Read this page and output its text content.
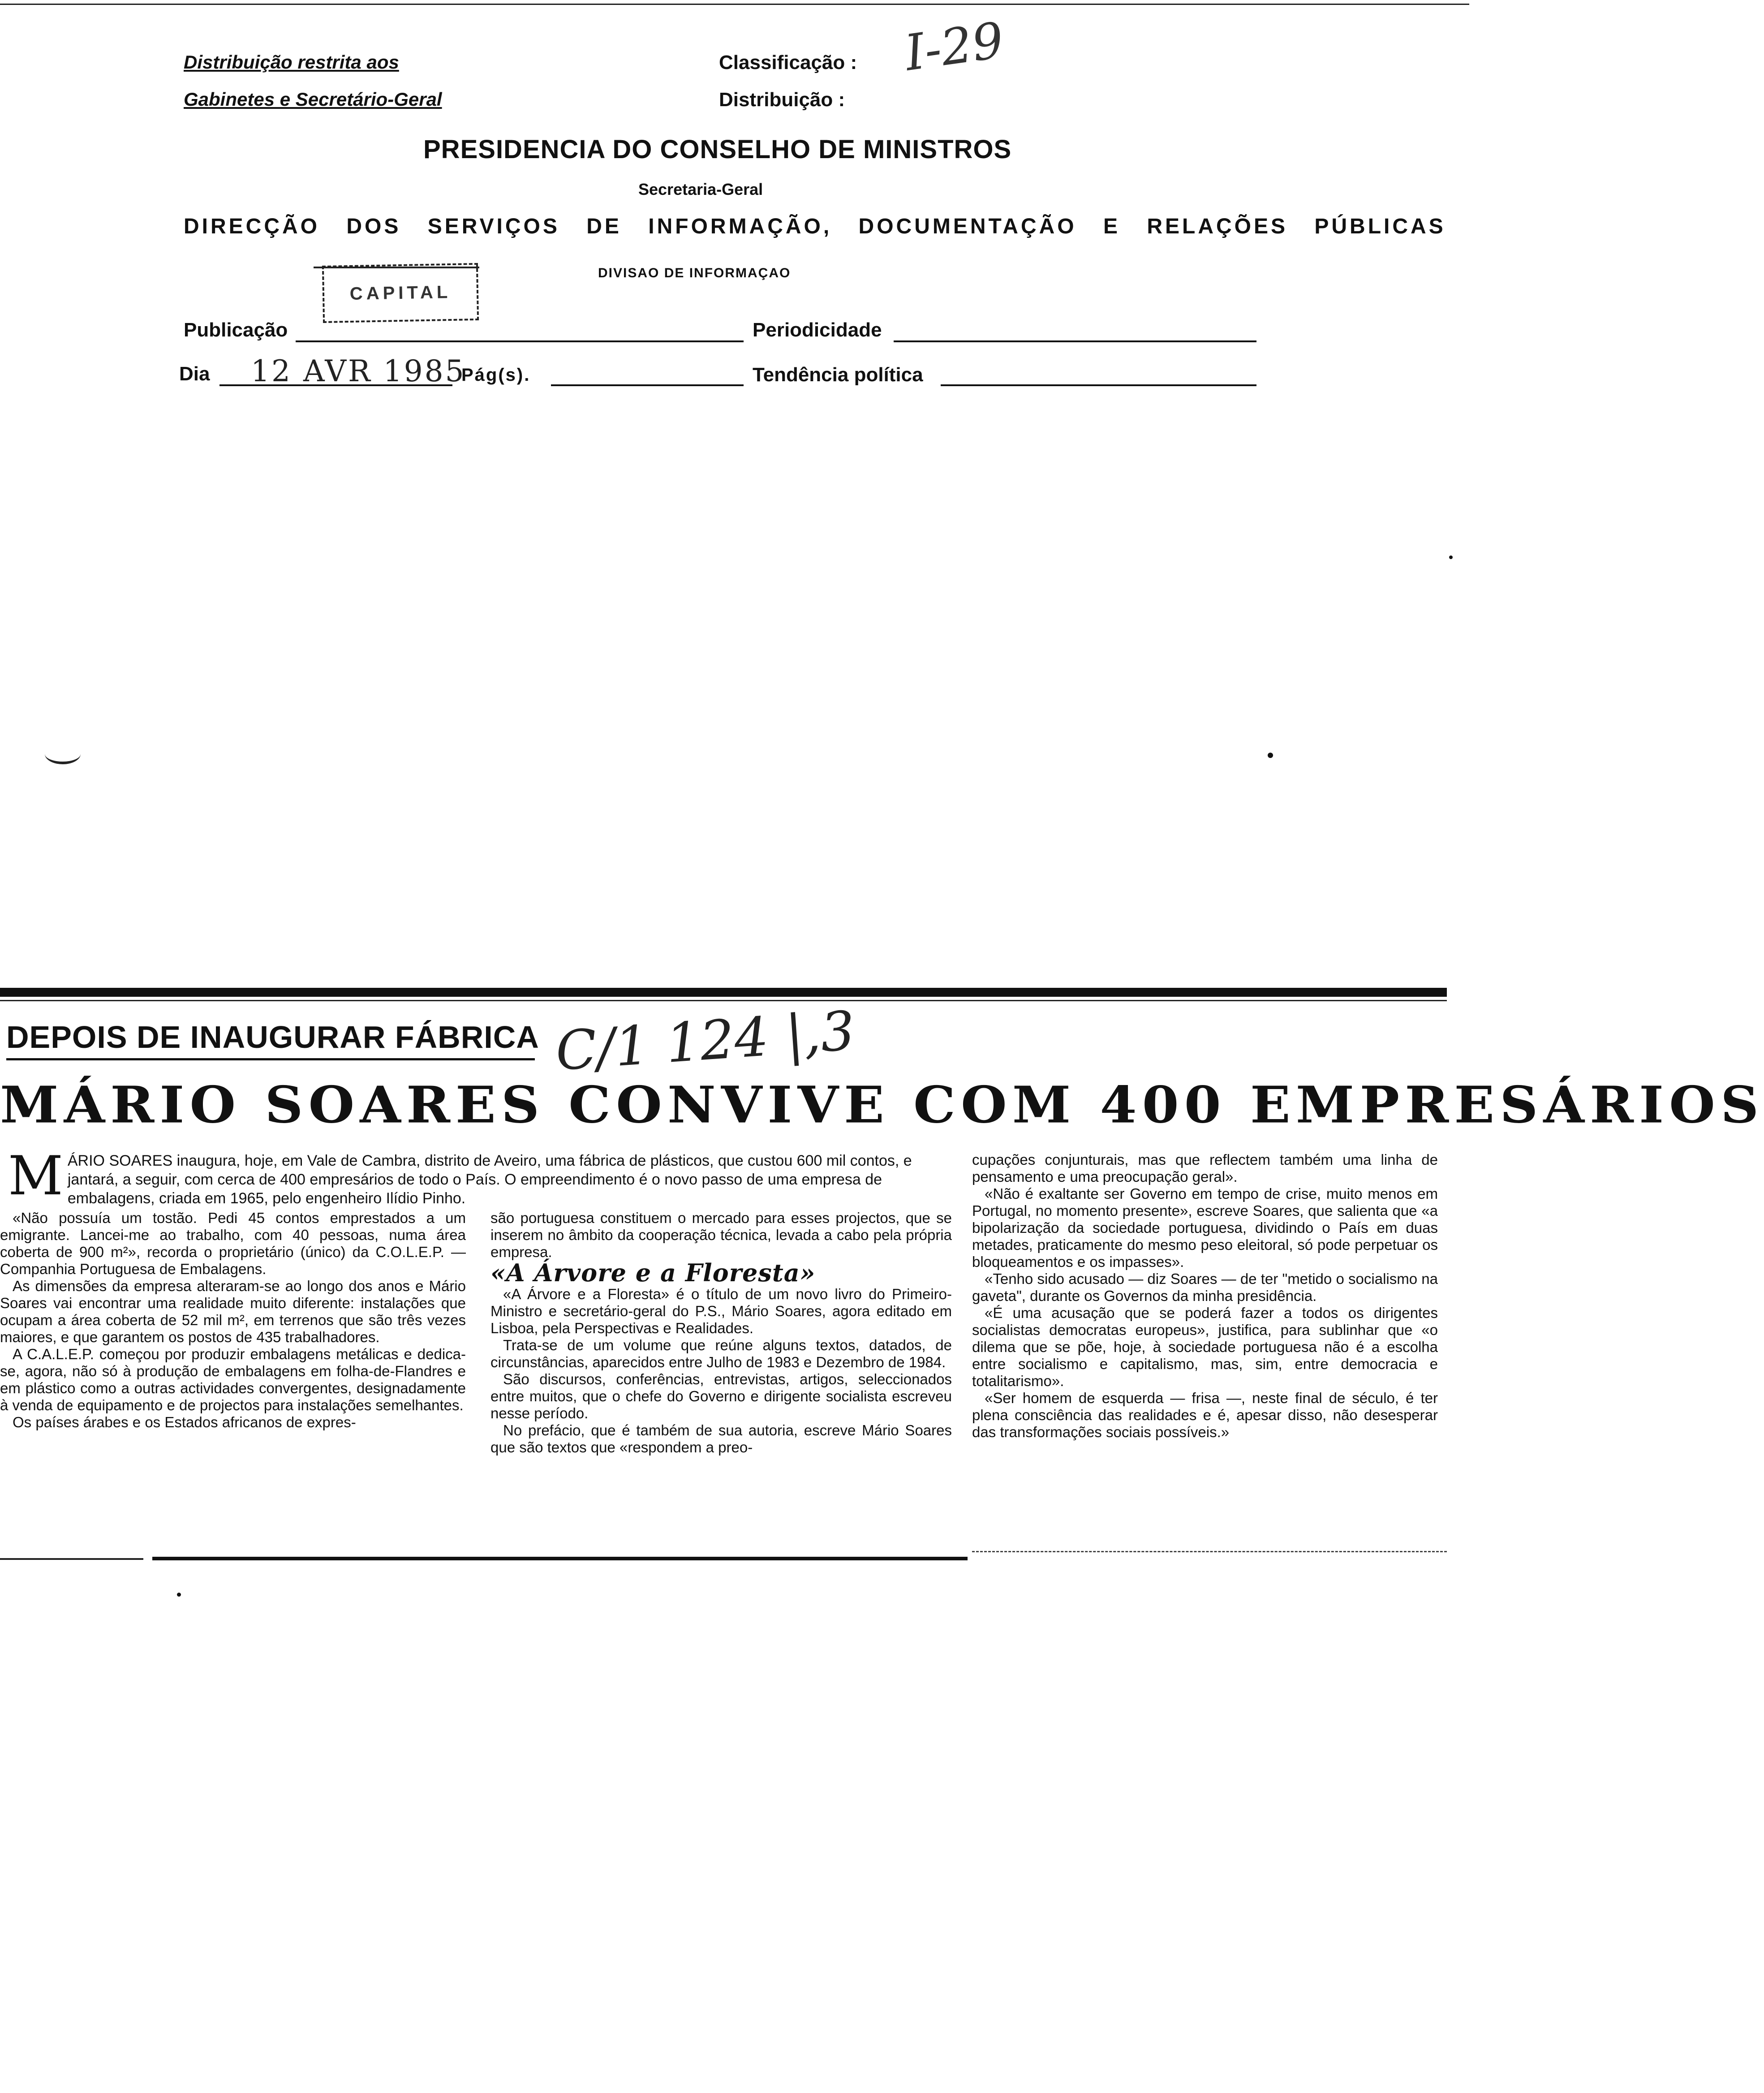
Distribuição restrita aos
Gabinetes e Secretário-Geral
Classificação :
Distribuição :
I-29
PRESIDENCIA DO CONSELHO DE MINISTROS
Secretaria-Geral
DIRECÇÃO DOS SERVIÇOS DE INFORMAÇÃO, DOCUMENTAÇÃO E RELAÇÕES PÚBLICAS
CAPITAL
DIVISAO DE INFORMAÇAO
Publicação	Periodicidade
Dia 12 AVR 1985
Pág(s).	Tendência política
DEPOIS DE INAUGURAR FÁBRICA C/1 124 |,3
MÁRIO SOARES CONVIVE COM 400 EMPRESÁRIOS
M ÁRIO SOARES inaugura, hoje, em Vale de Cambra, distrito de Aveiro, uma fábrica de plásticos, que custou 600 mil contos, e jantará, a seguir, com cerca de 400 empresários de todo o País. O empreendimento é o novo passo de uma empresa de embalagens, criada em 1965, pelo engenheiro Ilídio Pinho.

«Não possuía um tostão. Pedi 45 contos emprestados a um emigrante. Lancei-me ao trabalho, com 40 pessoas, numa área coberta de 900 m²», recorda o proprietário (único) da C.O.L.E.P. — Companhia Portuguesa de Embalagens.

As dimensões da empresa alteraram-se ao longo dos anos e Mário Soares vai encontrar uma realidade muito diferente: instalações que ocupam a área coberta de 52 mil m², em terrenos que são três vezes maiores, e que garantem os postos de 435 trabalhadores.

A C.A.L.E.P. começou por produzir embalagens metálicas e dedica-se, agora, não só à produção de embalagens em folha-de-Flandres e em plástico como a outras actividades convergentes, designadamente à venda de equipamento e de projectos para instalações semelhantes.

Os países árabes e os Estados africanos de expres-

são portuguesa constituem o mercado para esses projectos, que se inserem no âmbito da cooperação técnica, levada a cabo pela própria empresa.

«A Árvore e a Floresta»

«A Árvore e a Floresta» é o título de um novo livro do Primeiro-Ministro e secretário-geral do P.S., Mário Soares, agora editado em Lisboa, pela Perspectivas e Realidades.

Trata-se de um volume que reúne alguns textos, datados, de circunstâncias, aparecidos entre Julho de 1983 e Dezembro de 1984.

São discursos, conferências, entrevistas, artigos, seleccionados entre muitos, que o chefe do Governo e dirigente socialista escreveu nesse período.

No prefácio, que é também de sua autoria, escreve Mário Soares que são textos que «respondem a preo-

cupações conjunturais, mas que reflectem também uma linha de pensamento e uma preocupação geral».

«Não é exaltante ser Governo em tempo de crise, muito menos em Portugal, no momento presente», escreve Soares, que salienta que «a bipolarização da sociedade portuguesa, dividindo o País em duas metades, praticamente do mesmo peso eleitoral, só pode perpetuar os bloqueamentos e os impasses».

«Tenho sido acusado — diz Soares — de ter "metido o socialismo na gaveta", durante os Governos da minha presidência.

«É uma acusação que se poderá fazer a todos os dirigentes socialistas democratas europeus», justifica, para sublinhar que «o dilema que se põe, hoje, à sociedade portuguesa não é a escolha entre socialismo e capitalismo, mas, sim, entre democracia e totalitarismo».

«Ser homem de esquerda — frisa —, neste final de século, é ter plena consciência das realidades e é, apesar disso, não desesperar das transformações sociais possíveis.»
